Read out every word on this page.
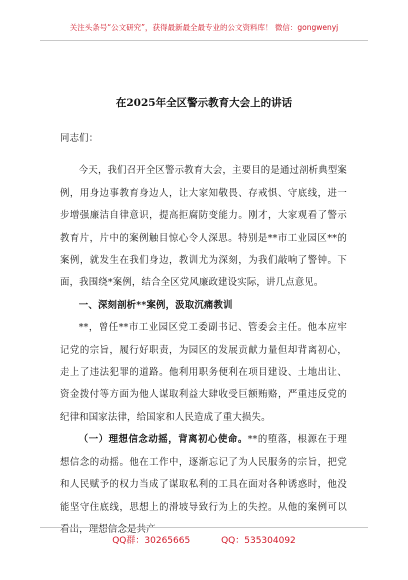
关注头条号“公文研究”，获得最新最全最专业的公文资料库！ 微信：gongwenyj
在2025年全区警示教育大会上的讲话

同志们：

今天，我们召开全区警示教育大会，主要目的是通过剖析典型案例，用身边事教育身边人，让大家知敬畏、存戒惧、守底线，进一步增强廉洁自律意识，提高拒腐防变能力。刚才，大家观看了警示教育片，片中的案例触目惊心令人深思。特别是**市工业园区**的案例，就发生在我们身边，教训尤为深刻，为我们敲响了警钟。下面，我围绕*案例，结合全区党风廉政建设实际，讲几点意见。

一、深刻剖析**案例，汲取沉痛教训

**，曾任**市工业园区党工委副书记、管委会主任。他本应牢记党的宗旨，履行好职责，为园区的发展贡献力量但却背离初心，走上了违法犯罪的道路。他利用职务便利在项目建设、土地出让、资金拨付等方面为他人谋取利益大肆收受巨额贿赂，严重违反党的纪律和国家法律，给国家和人民造成了重大损失。

（一）理想信念动摇，背离初心使命。**的堕落，根源在于理想信念的动摇。他在工作中，逐渐忘记了为人民服务的宗旨，把党和人民赋予的权力当成了谋取私利的工具在面对各种诱惑时，他没能坚守住底线，思想上的滑坡导致行为上的失控。从他的案例可以看出，理想信念是共产

QQ群：30265665	QQ：535304092
